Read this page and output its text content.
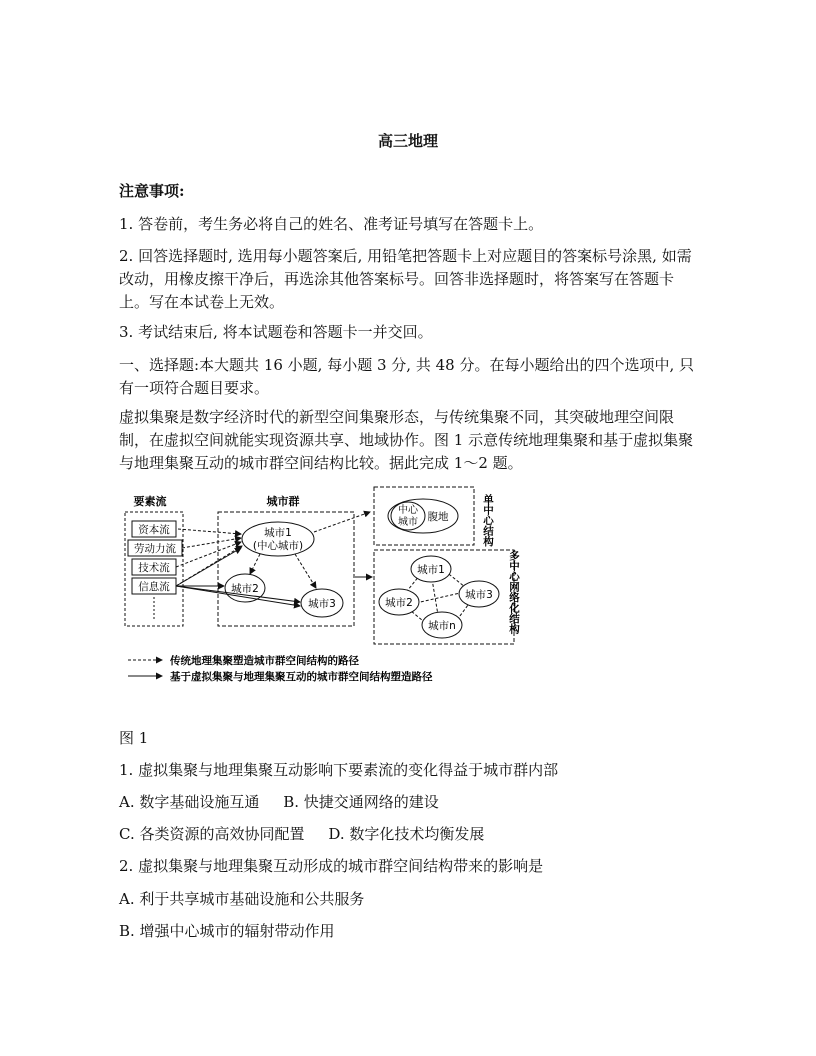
高三地理

注意事项:

1. 答卷前，考生务必将自己的姓名、准考证号填写在答题卡上。

2. 回答选择题时, 选用每小题答案后, 用铅笔把答题卡上对应题目的答案标号涂黑, 如需改动，用橡皮擦干净后，再选涂其他答案标号。回答非选择题时，将答案写在答题卡上。写在本试卷上无效。

3. 考试结束后, 将本试题卷和答题卡一并交回。

一、选择题:本大题共 16 小题, 每小题 3 分, 共 48 分。在每小题给出的四个选项中, 只有一项符合题目要求。

虚拟集聚是数字经济时代的新型空间集聚形态，与传统集聚不同，其突破地理空间限制，在虚拟空间就能实现资源共享、地域协作。图 1 示意传统地理集聚和基于虚拟集聚与地理集聚互动的城市群空间结构比较。据此完成 1～2 题。

要素流
资本流
劳动力流
技术流
信息流
城市群
城市1
(中心城市)
城市2
城市3
中心
城市 腹地	单中心结构
城市1
城市2
城市3
城市n	多中心网络化结构
传统地理集聚塑造城市群空间结构的路径
基于虚拟集聚与地理集聚互动的城市群空间结构塑造路径

图 1

1. 虚拟集聚与地理集聚互动影响下要素流的变化得益于城市群内部

A. 数字基础设施互通 B. 快捷交通网络的建设

C. 各类资源的高效协同配置 D. 数字化技术均衡发展

2. 虚拟集聚与地理集聚互动形成的城市群空间结构带来的影响是

A. 利于共享城市基础设施和公共服务

B. 增强中心城市的辐射带动作用
